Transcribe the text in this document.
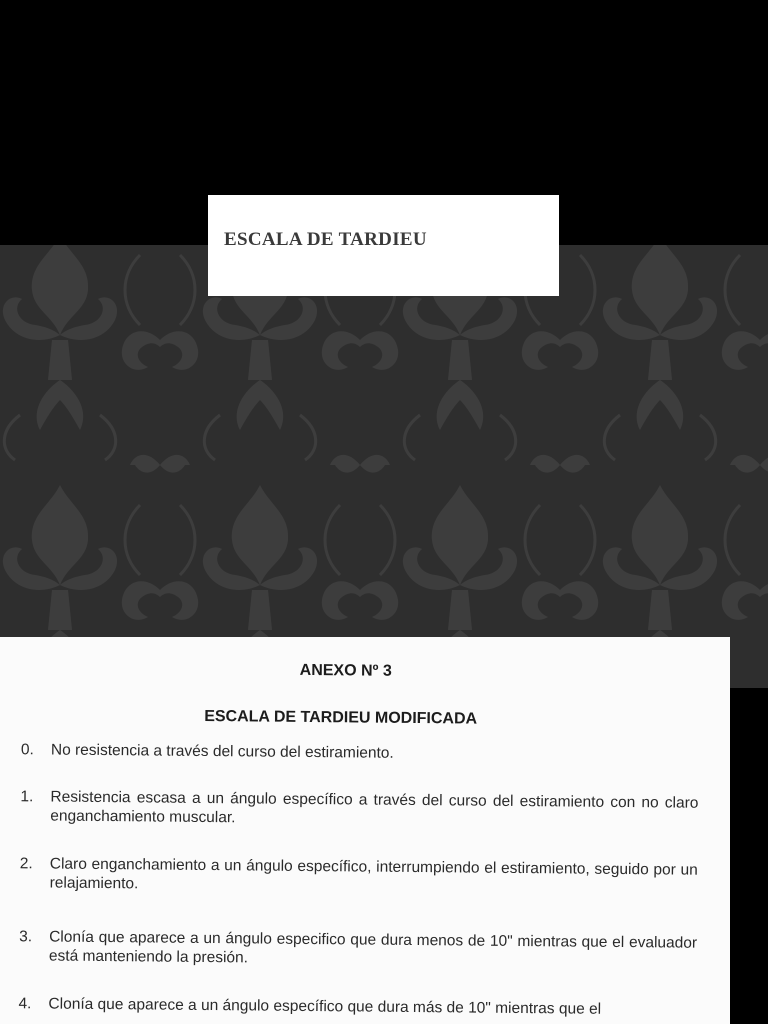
ESCALA DE TARDIEU
ANEXO Nº 3
ESCALA DE TARDIEU MODIFICADA
0.	No resistencia a través del curso del estiramiento.
1.	Resistencia escasa a un ángulo específico a través del curso del estiramiento con no claro enganchamiento muscular.
2.	Claro enganchamiento a un ángulo específico, interrumpiendo el estiramiento, seguido por un relajamiento.
3.	Clonía que aparece a un ángulo especifico que dura menos de 10" mientras que el evaluador está manteniendo la presión.
4.	Clonía que aparece a un ángulo específico que dura más de 10" mientras que el
